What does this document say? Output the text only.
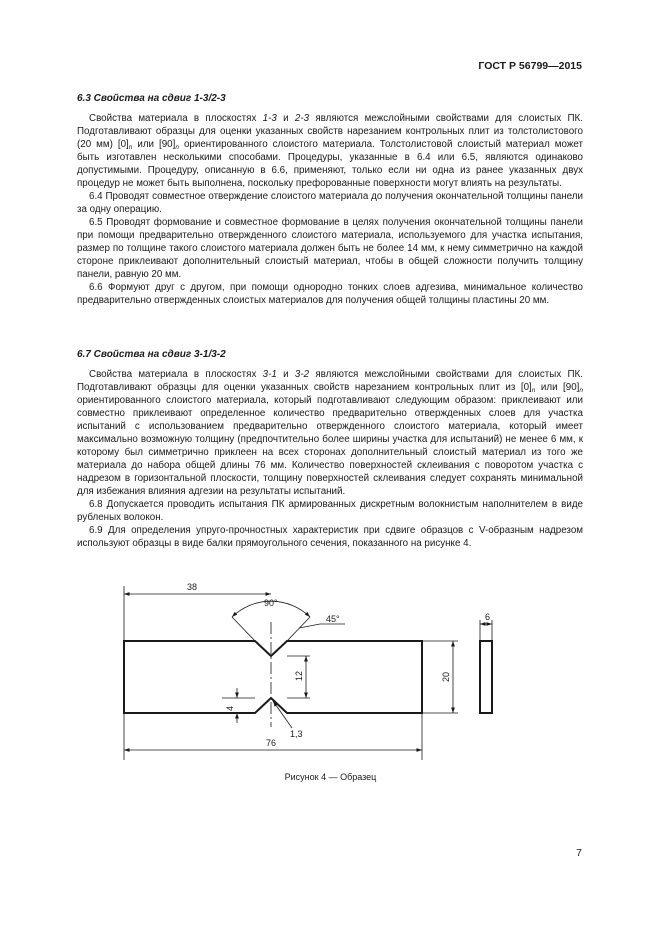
ГОСТ Р 56799—2015
6.3 Свойства на сдвиг 1-3/2-3

Свойства материала в плоскостях 1-3 и 2-3 являются межслойными свойствами для слоистых ПК. Подготавливают образцы для оценки указанных свойств нарезанием контрольных плит из толстолистового (20 мм) $[0]_n$ или $[90]_n$ ориентированного слоистого материала. Толстолистовой слоистый материал может быть изготавлен несколькими способами. Процедуры, указанные в 6.4 или 6.5, являются одинаково допустимыми. Процедуру, описанную в 6.6, применяют, только если ни одна из ранее указанных двух процедур не может быть выполнена, поскольку префорованные поверхности могут влиять на результаты.

6.4 Проводят совместное отверждение слоистого материала до получения окончательной толщины панели за одну операцию.

6.5 Проводят формование и совместное формование в целях получения окончательной толщины панели при помощи предварительно отвержденного слоистого материала, используемого для участка испытания, размер по толщине такого слоистого материала должен быть не более 14 мм, к нему симметрично на каждой стороне приклеивают дополнительный слоистый материал, чтобы в общей сложности получить толщину панели, равную 20 мм.

6.6 Формуют друг с другом, при помощи однородно тонких слоев адгезива, минимальное количество предварительно отвержденных слоистых материалов для получения общей толщины пластины 20 мм.

6.7 Свойства на сдвиг 3-1/3-2

Свойства материала в плоскостях 3-1 и 3-2 являются межслойными свойствами для слоистых ПК. Подготавливают образцы для оценки указанных свойств нарезанием контрольных плит из $[0]_n$ или $[90]_n$ ориентированного слоистого материала, который подготавливают следующим образом: приклеивают или совместно приклеивают определенное количество предварительно отвержденных слоев для участка испытаний с использованием предварительно отвержденного слоистого материала, который имеет максимально возможную толщину (предпочтительно более ширины участка для испытаний) не менее 6 мм, к которому был симметрично приклеен на всех сторонах дополнительный слоистый материал из того же материала до набора общей длины 76 мм. Количество поверхностей склеивания с поворотом участка с надрезом в горизонтальной плоскости, толщину поверхностей склеивания следует сохранять минимальной для избежания влияния адгезии на результаты испытаний.

6.8 Допускается проводить испытания ПК армированных дискретным волокнистым наполнителем в виде рубленых волокон.

6.9 Для определения упруго-прочностных характеристик при сдвиге образцов с V-образным надрезом используют образцы в виде балки прямоугольного сечения, показанного на рисунке 4.

38
90°
45°
12	20
4
1,3
76
6
Рисунок 4 — Образец
7
